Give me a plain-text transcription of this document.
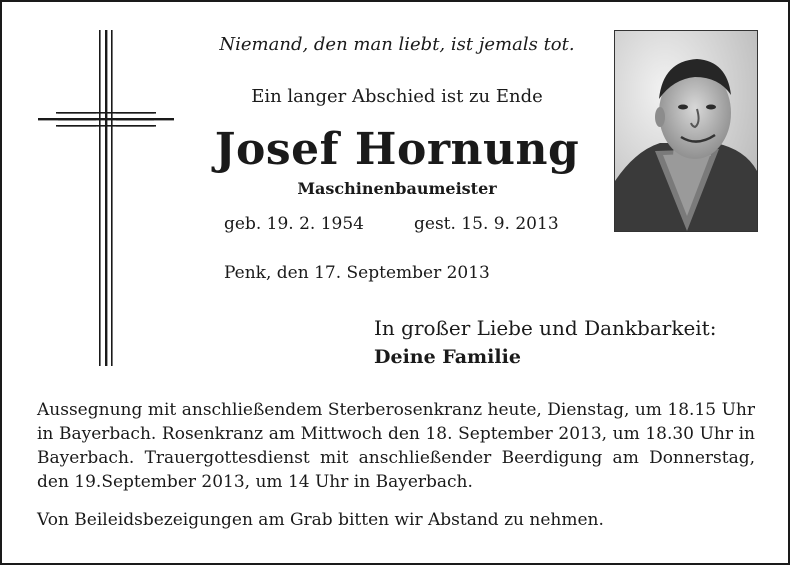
Niemand, den man liebt, ist jemals tot.
Ein langer Abschied ist zu Ende
Josef Hornung
Maschinenbaumeister
geb. 19. 2. 1954	gest. 15. 9. 2013
Penk, den 17. September 2013
In großer Liebe und Dankbarkeit:
Deine Familie

Aussegnung mit anschließendem Sterberosenkranz heute, Dienstag, um 18.15 Uhr in Bayerbach. Rosenkranz am Mittwoch den 18. September 2013, um 18.30 Uhr in Bayerbach. Trauergottesdienst mit anschließender Beerdigung am Donnerstag, den 19.September 2013, um 14 Uhr in Bayerbach.

Von Beileidsbezeigungen am Grab bitten wir Abstand zu nehmen.
